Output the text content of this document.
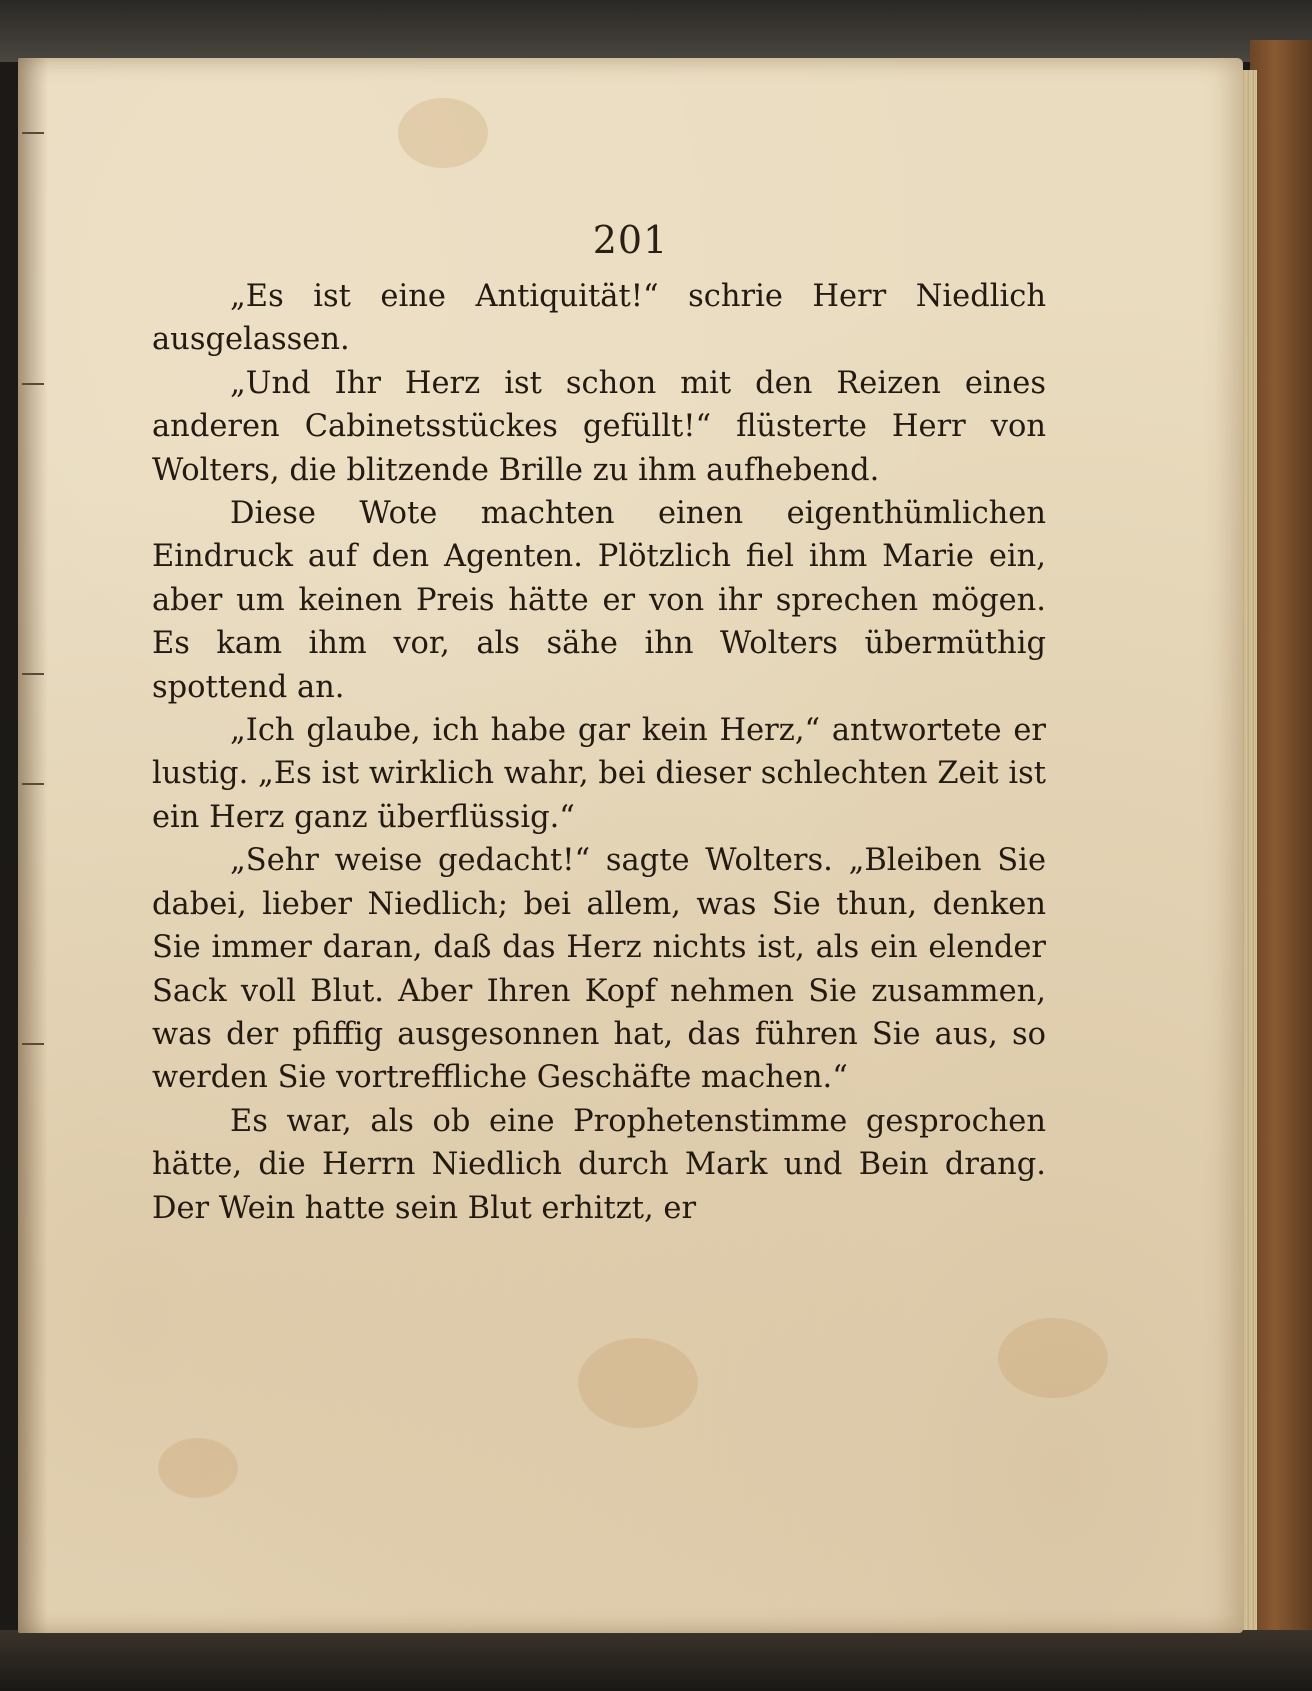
201

„Es ist eine Antiquität!“ schrie Herr Niedlich ausgelassen.

„Und Ihr Herz ist schon mit den Reizen eines anderen Cabinetsstückes gefüllt!“ flüsterte Herr von Wolters, die blitzende Brille zu ihm aufhebend.

Diese Wote machten einen eigenthümlichen Eindruck auf den Agenten. Plötzlich fiel ihm Marie ein, aber um keinen Preis hätte er von ihr sprechen mögen. Es kam ihm vor, als sähe ihn Wolters übermüthig spottend an.

„Ich glaube, ich habe gar kein Herz,“ antwortete er lustig. „Es ist wirklich wahr, bei dieser schlechten Zeit ist ein Herz ganz überflüssig.“

„Sehr weise gedacht!“ sagte Wolters. „Bleiben Sie dabei, lieber Niedlich; bei allem, was Sie thun, denken Sie immer daran, daß das Herz nichts ist, als ein elender Sack voll Blut. Aber Ihren Kopf nehmen Sie zusammen, was der pfiffig ausgesonnen hat, das führen Sie aus, so werden Sie vortreffliche Geschäfte machen.“

Es war, als ob eine Prophetenstimme gesprochen hätte, die Herrn Niedlich durch Mark und Bein drang. Der Wein hatte sein Blut erhitzt, er
